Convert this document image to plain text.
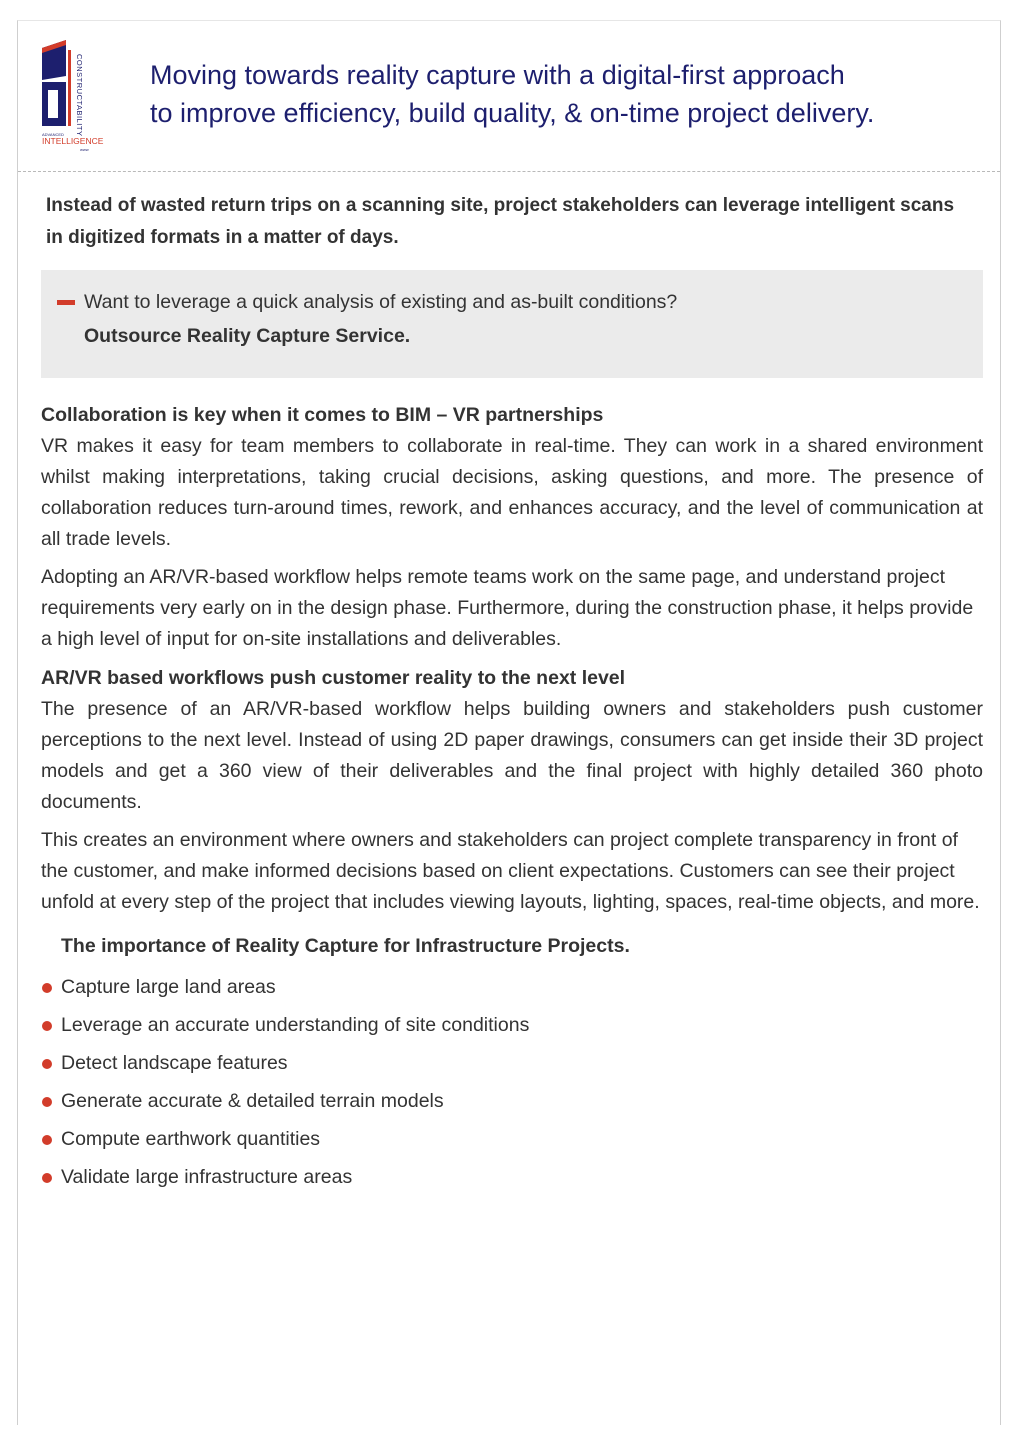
CONSTRUCTABILITY
ADVANCED
INTELLIGENCE
www
Moving towards reality capture with a digital-first approach
to improve efficiency, build quality, & on-time project delivery.
Instead of wasted return trips on a scanning site, project stakeholders can leverage intelligent scans in digitized formats in a matter of days.
Want to leverage a quick analysis of existing and as-built conditions?
Outsource Reality Capture Service.

Collaboration is key when it comes to BIM – VR partnerships

VR makes it easy for team members to collaborate in real-time. They can work in a shared environment whilst making interpretations, taking crucial decisions, asking questions, and more. The presence of collaboration reduces turn-around times, rework, and enhances accuracy, and the level of communication at all trade levels.

Adopting an AR/VR-based workflow helps remote teams work on the same page, and understand project requirements very early on in the design phase. Furthermore, during the construction phase, it helps provide a high level of input for on-site installations and deliverables.

AR/VR based workflows push customer reality to the next level

The presence of an AR/VR-based workflow helps building owners and stakeholders push customer perceptions to the next level. Instead of using 2D paper drawings, consumers can get inside their 3D project models and get a 360 view of their deliverables and the final project with highly detailed 360 photo documents.

This creates an environment where owners and stakeholders can project complete transparency in front of the customer, and make informed decisions based on client expectations. Customers can see their project unfold at every step of the project that includes viewing layouts, lighting, spaces, real-time objects, and more.

The importance of Reality Capture for Infrastructure Projects.
Capture large land areas
Leverage an accurate understanding of site conditions
Detect landscape features
Generate accurate & detailed terrain models
Compute earthwork quantities
Validate large infrastructure areas
